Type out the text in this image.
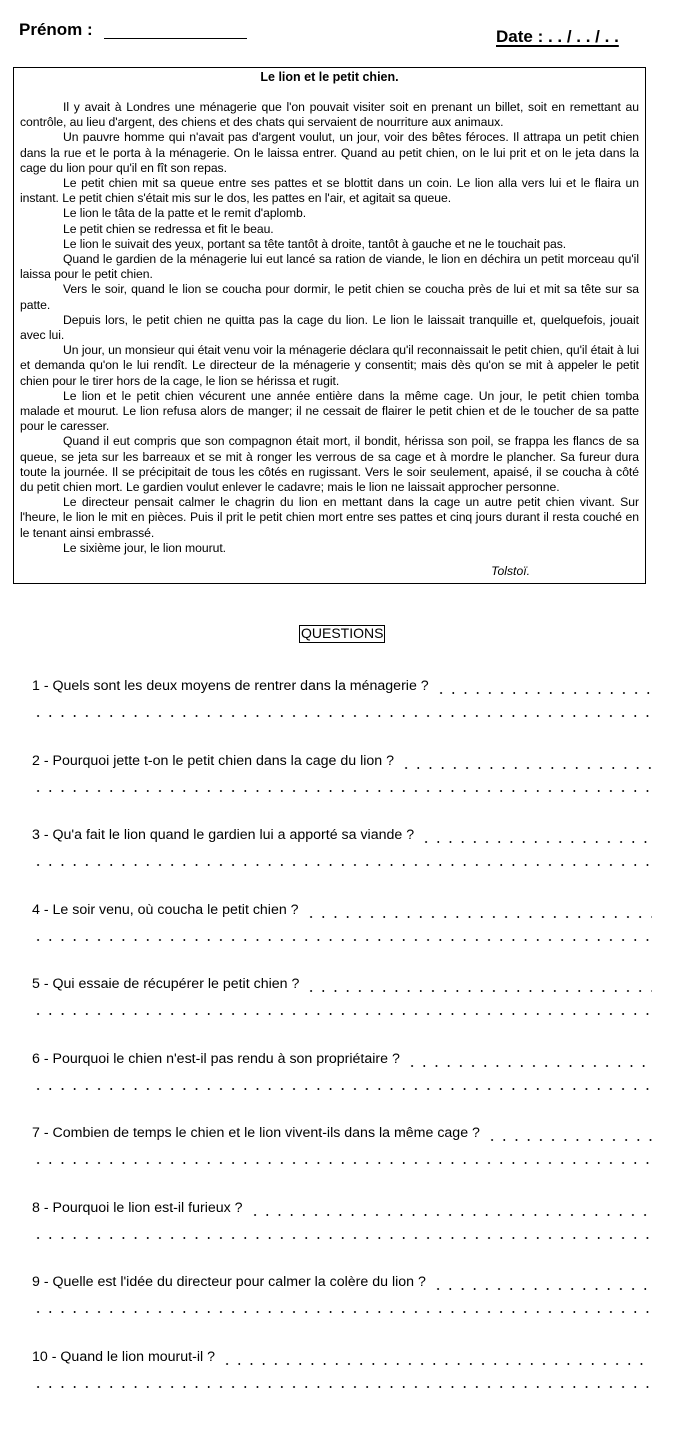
Prénom :	Date : . . / . . / . .
Le lion et le petit chien.

Il y avait à Londres une ménagerie que l'on pouvait visiter soit en prenant un billet, soit en remettant au contrôle, au lieu d'argent, des chiens et des chats qui servaient de nourriture aux animaux.

Un pauvre homme qui n'avait pas d'argent voulut, un jour, voir des bêtes féroces. Il attrapa un petit chien dans la rue et le porta à la ménagerie. On le laissa entrer. Quand au petit chien, on le lui prit et on le jeta dans la cage du lion pour qu'il en fît son repas.

Le petit chien mit sa queue entre ses pattes et se blottit dans un coin. Le lion alla vers lui et le flaira un instant. Le petit chien s'était mis sur le dos, les pattes en l'air, et agitait sa queue.

Le lion le tâta de la patte et le remit d'aplomb.

Le petit chien se redressa et fit le beau.

Le lion le suivait des yeux, portant sa tête tantôt à droite, tantôt à gauche et ne le touchait pas.

Quand le gardien de la ménagerie lui eut lancé sa ration de viande, le lion en déchira un petit morceau qu'il laissa pour le petit chien.

Vers le soir, quand le lion se coucha pour dormir, le petit chien se coucha près de lui et mit sa tête sur sa patte.

Depuis lors, le petit chien ne quitta pas la cage du lion. Le lion le laissait tranquille et, quelquefois, jouait avec lui.

Un jour, un monsieur qui était venu voir la ménagerie déclara qu'il reconnaissait le petit chien, qu'il était à lui et demanda qu'on le lui rendît. Le directeur de la ménagerie y consentit; mais dès qu'on se mit à appeler le petit chien pour le tirer hors de la cage, le lion se hérissa et rugit.

Le lion et le petit chien vécurent une année entière dans la même cage. Un jour, le petit chien tomba malade et mourut. Le lion refusa alors de manger; il ne cessait de flairer le petit chien et de le toucher de sa patte pour le caresser.

Quand il eut compris que son compagnon était mort, il bondit, hérissa son poil, se frappa les flancs de sa queue, se jeta sur les barreaux et se mit à ronger les verrous de sa cage et à mordre le plancher. Sa fureur dura toute la journée. Il se précipitait de tous les côtés en rugissant. Vers le soir seulement, apaisé, il se coucha à côté du petit chien mort. Le gardien voulut enlever le cadavre; mais le lion ne laissait approcher personne.

Le directeur pensait calmer le chagrin du lion en mettant dans la cage un autre petit chien vivant. Sur l'heure, le lion le mit en pièces. Puis il prit le petit chien mort entre ses pattes et cinq jours durant il resta couché en le tenant ainsi embrassé.

Le sixième jour, le lion mourut.

Tolstoï.
QUESTIONS
1 - Quels sont les deux moyens de rentrer dans la ménagerie ?
2 - Pourquoi jette t-on le petit chien dans la cage du lion ?
3 - Qu'a fait le lion quand le gardien lui a apporté sa viande ?
4 - Le soir venu, où coucha le petit chien ?
5 - Qui essaie de récupérer le petit chien ?
6 - Pourquoi le chien n'est-il pas rendu à son propriétaire ?
7 - Combien de temps le chien et le lion vivent-ils dans la même cage ?
8 - Pourquoi le lion est-il furieux ?
9 - Quelle est l'idée du directeur pour calmer la colère du lion ?
10 - Quand le lion mourut-il ?
